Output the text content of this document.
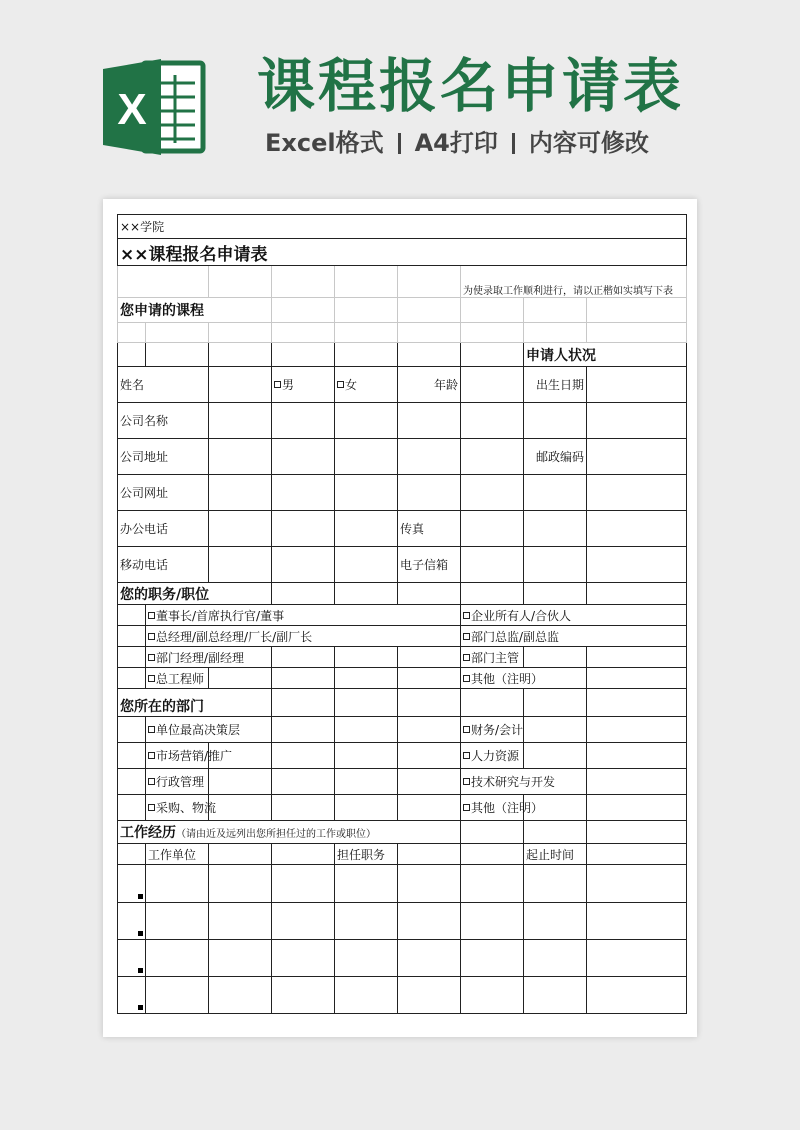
X 课程报名申请表
Excel格式 A4打印 内容可修改
××学院								
××课程报名申请表								
						为使录取工作顺利进行，请以正楷如实填写下表		
您申请的课程								

							申请人状况	
姓名			男	女	年龄		出生日期	
公司名称								
公司地址							邮政编码	
公司网址								
办公电话					传真			
移动电话					电子信箱			
您的职务/职位								
	董事长/首席执行官/董事					企业所有人/合伙人		
	总经理/副总经理/厂长/副厂长					部门总监/副总监		
	部门经理/副经理					部门主管		
	总工程师					其他（注明）		
您所在的部门								
	单位最高决策层					财务/会计		
	市场营销/推广					人力资源		
	行政管理					技术研究与开发		
	采购、物流					其他（注明）		
工作经历（请由近及远列出您所担任过的工作或职位）								
	工作单位			担任职务			起止时间	
